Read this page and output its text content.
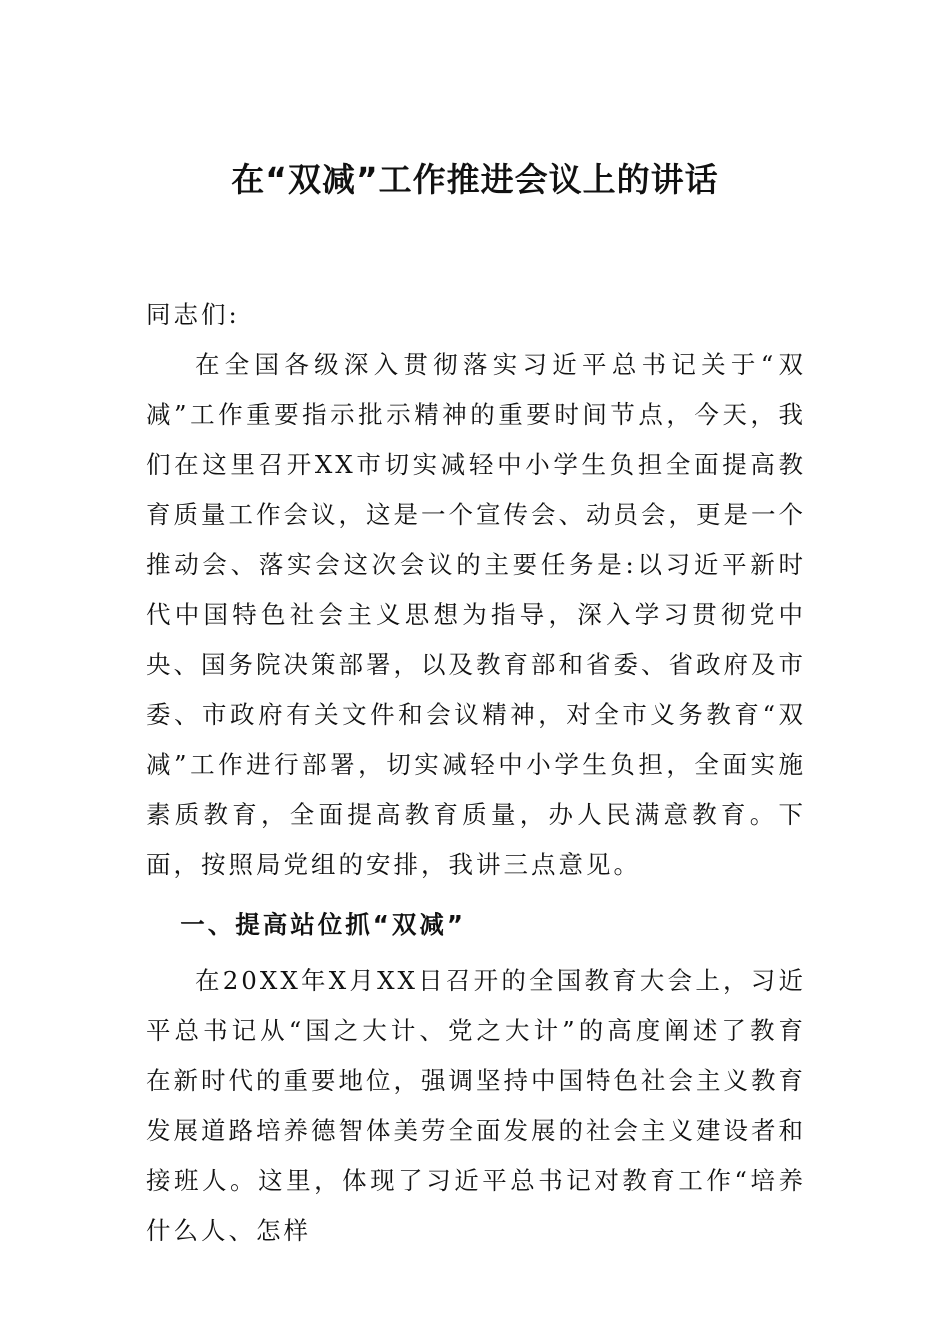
在“双减”工作推进会议上的讲话

同志们:

在全国各级深入贯彻落实习近平总书记关于“双减”工作重要指示批示精神的重要时间节点，今天，我们在这里召开XX市切实减轻中小学生负担全面提高教育质量工作会议，这是一个宣传会、动员会，更是一个推动会、落实会这次会议的主要任务是:以习近平新时代中国特色社会主义思想为指导，深入学习贯彻党中央、国务院决策部署，以及教育部和省委、省政府及市委、市政府有关文件和会议精神，对全市义务教育“双减”工作进行部署，切实减轻中小学生负担，全面实施素质教育，全面提高教育质量，办人民满意教育。下面，按照局党组的安排，我讲三点意见。

一、提高站位抓“双减”

在20XX年X月XX日召开的全国教育大会上，习近平总书记从“国之大计、党之大计”的高度阐述了教育在新时代的重要地位，强调坚持中国特色社会主义教育发展道路培养德智体美劳全面发展的社会主义建设者和接班人。这里，体现了习近平总书记对教育工作“培养什么人、怎样
